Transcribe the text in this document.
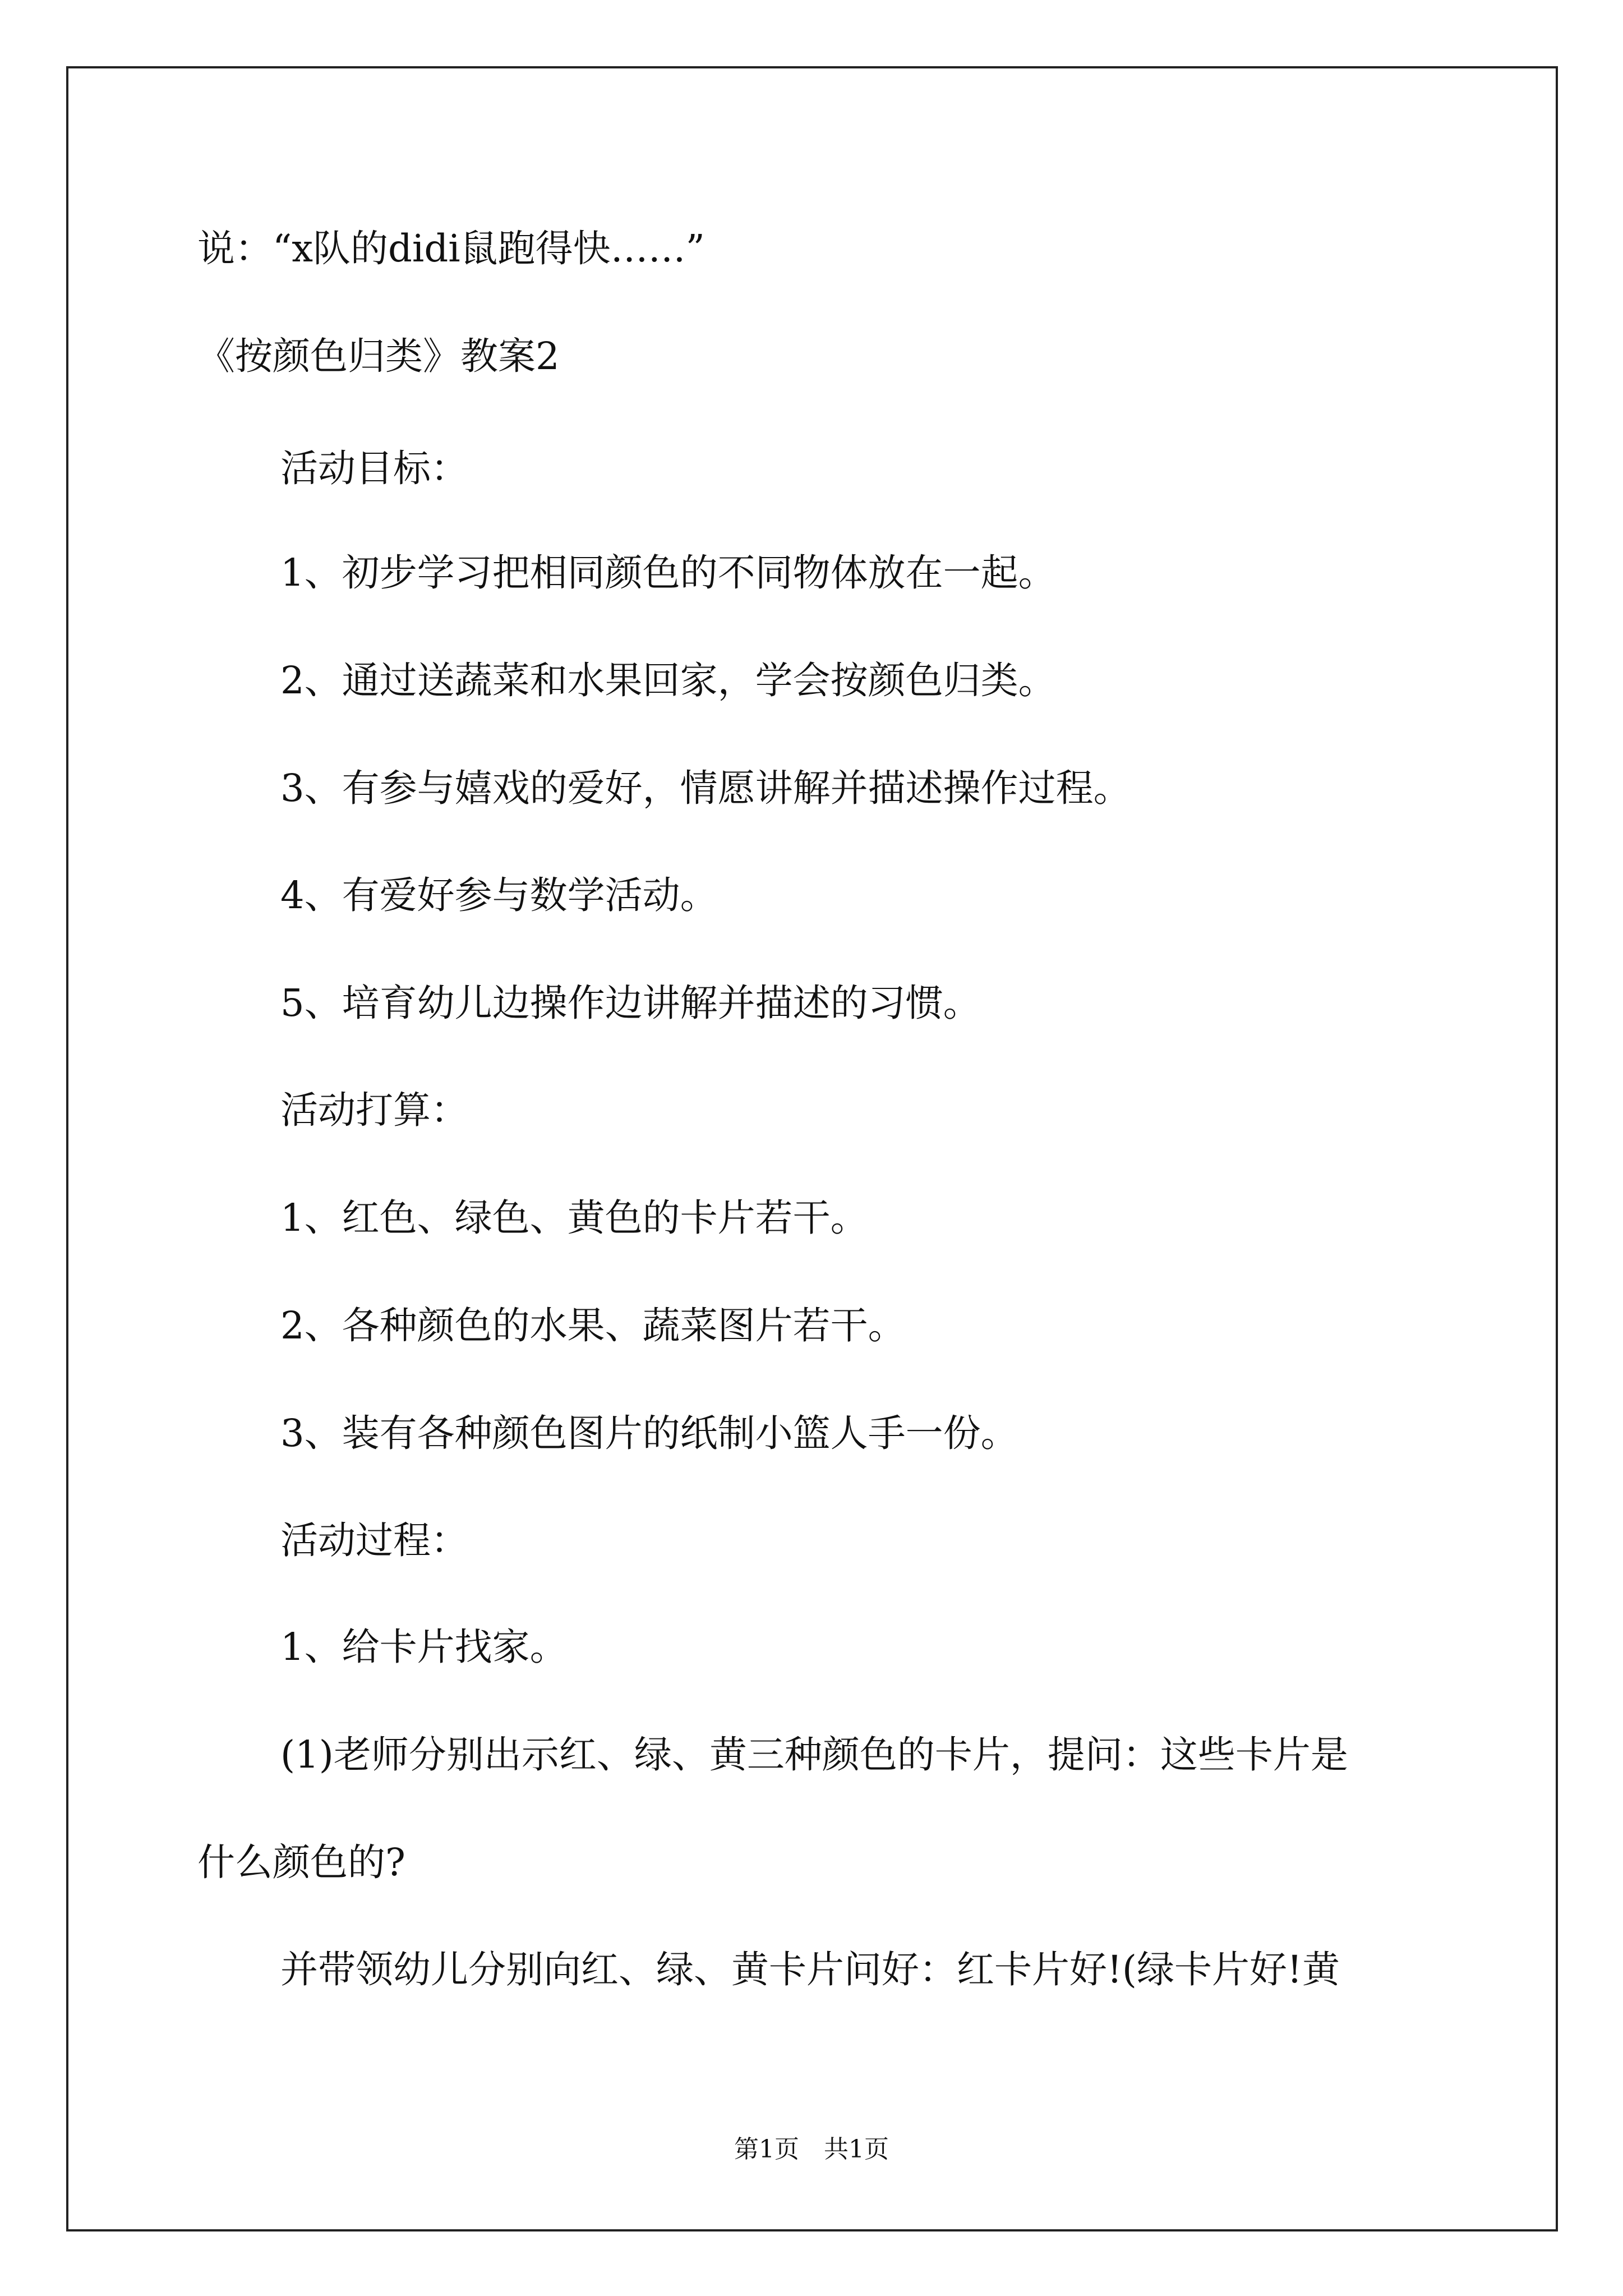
说：“x队的didi鼠跑得快……”
《按颜色归类》教案2
活动目标：
1、初步学习把相同颜色的不同物体放在一起。
2、通过送蔬菜和水果回家，学会按颜色归类。
3、有参与嬉戏的爱好，情愿讲解并描述操作过程。
4、有爱好参与数学活动。
5、培育幼儿边操作边讲解并描述的习惯。
活动打算：
1、红色、绿色、黄色的卡片若干。
2、各种颜色的水果、蔬菜图片若干。
3、装有各种颜色图片的纸制小篮人手一份。
活动过程：
1、给卡片找家。
(1)老师分别出示红、绿、黄三种颜色的卡片，提问：这些卡片是
什么颜色的?
并带领幼儿分别向红、绿、黄卡片问好：红卡片好!(绿卡片好!黄
第1页　共1页
